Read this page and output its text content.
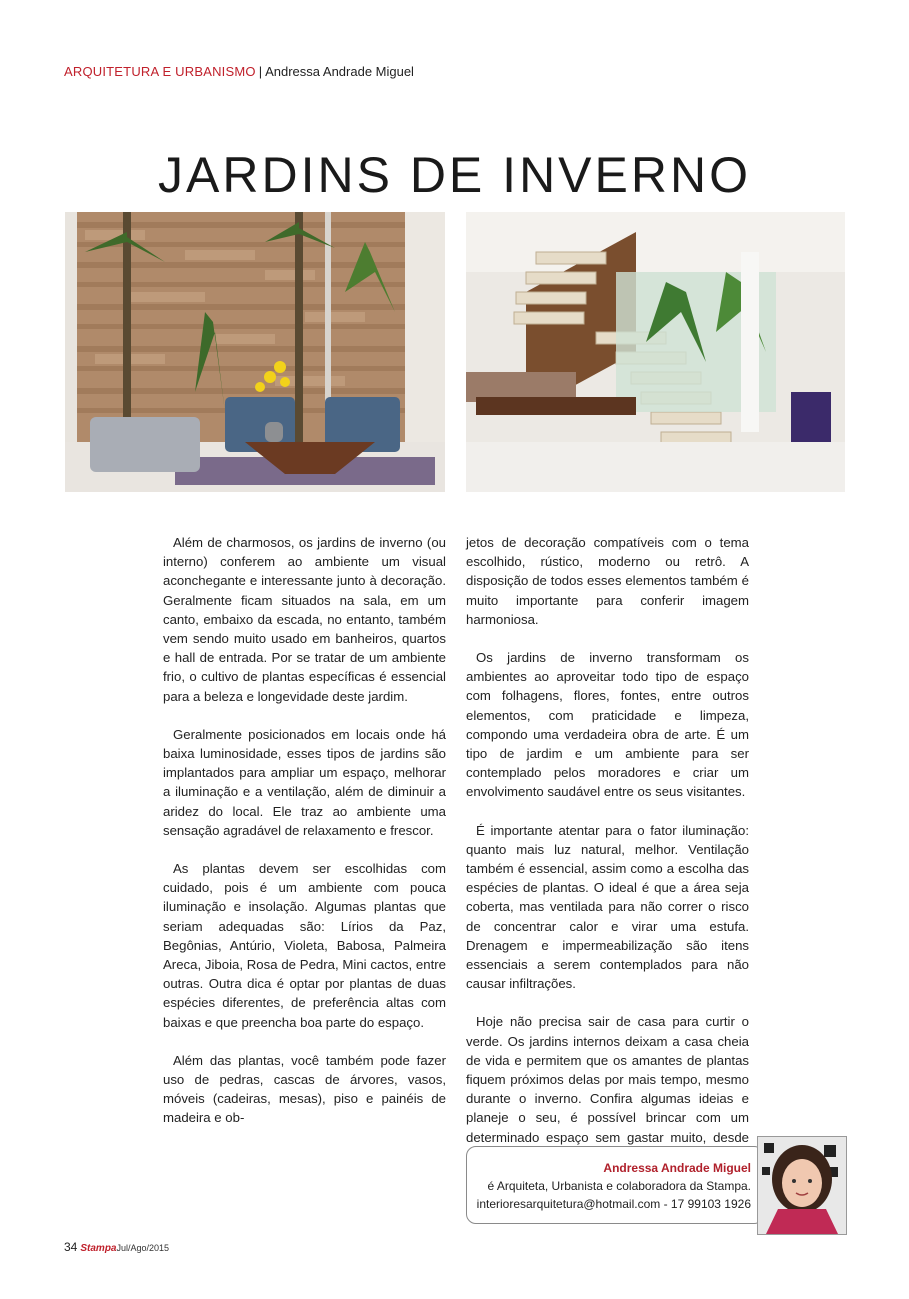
ARQUITETURA E URBANISMO | Andressa Andrade Miguel
JARDINS DE INVERNO

Além de charmosos, os jardins de inverno (ou interno) conferem ao ambiente um visual aconchegante e interessante junto à decoração. Geralmente ficam situados na sala, em um canto, embaixo da escada, no entanto, também vem sendo muito usado em banheiros, quartos e hall de entrada. Por se tratar de um ambiente frio, o cultivo de plantas específicas é essencial para a beleza e longevidade deste jardim.

Geralmente posicionados em locais onde há baixa luminosidade, esses tipos de jardins são implantados para ampliar um espaço, melhorar a iluminação e a ventilação, além de diminuir a aridez do local. Ele traz ao ambiente uma sensação agradável de relaxamento e frescor.

As plantas devem ser escolhidas com cuidado, pois é um ambiente com pouca iluminação e insolação. Algumas plantas que seriam adequadas são: Lírios da Paz, Begônias, Antúrio, Violeta, Babosa, Palmeira Areca, Jiboia, Rosa de Pedra, Mini cactos, entre outras. Outra dica é optar por plantas de duas espécies diferentes, de preferência altas com baixas e que preencha boa parte do espaço.

Além das plantas, você também pode fazer uso de pedras, cascas de árvores, vasos, móveis (cadeiras, mesas), piso e painéis de madeira e ob-

jetos de decoração compatíveis com o tema escolhido, rústico, moderno ou retrô. A disposição de todos esses elementos também é muito importante para conferir imagem harmoniosa.

Os jardins de inverno transformam os ambientes ao aproveitar todo tipo de espaço com folhagens, flores, fontes, entre outros elementos, com praticidade e limpeza, compondo uma verdadeira obra de arte. É um tipo de jardim e um ambiente para ser contemplado pelos moradores e criar um envolvimento saudável entre os seus visitantes.

É importante atentar para o fator iluminação: quanto mais luz natural, melhor. Ventilação também é essencial, assim como a escolha das espécies de plantas. O ideal é que a área seja coberta, mas ventilada para não correr o risco de concentrar calor e virar uma estufa. Drenagem e impermeabilização são itens essenciais a serem contemplados para não causar infiltrações.

Hoje não precisa sair de casa para curtir o verde. Os jardins internos deixam a casa cheia de vida e permitem que os amantes de plantas fiquem próximos delas por mais tempo, mesmo durante o inverno. Confira algumas ideias e planeje o seu, é possível brincar com um determinado espaço sem gastar muito, desde

Andressa Andrade Miguel
é Arquiteta, Urbanista e colaboradora da Stampa.
interioresarquitetura@hotmail.com - 17 99103 1926
34 StampaJul/Ago/2015
